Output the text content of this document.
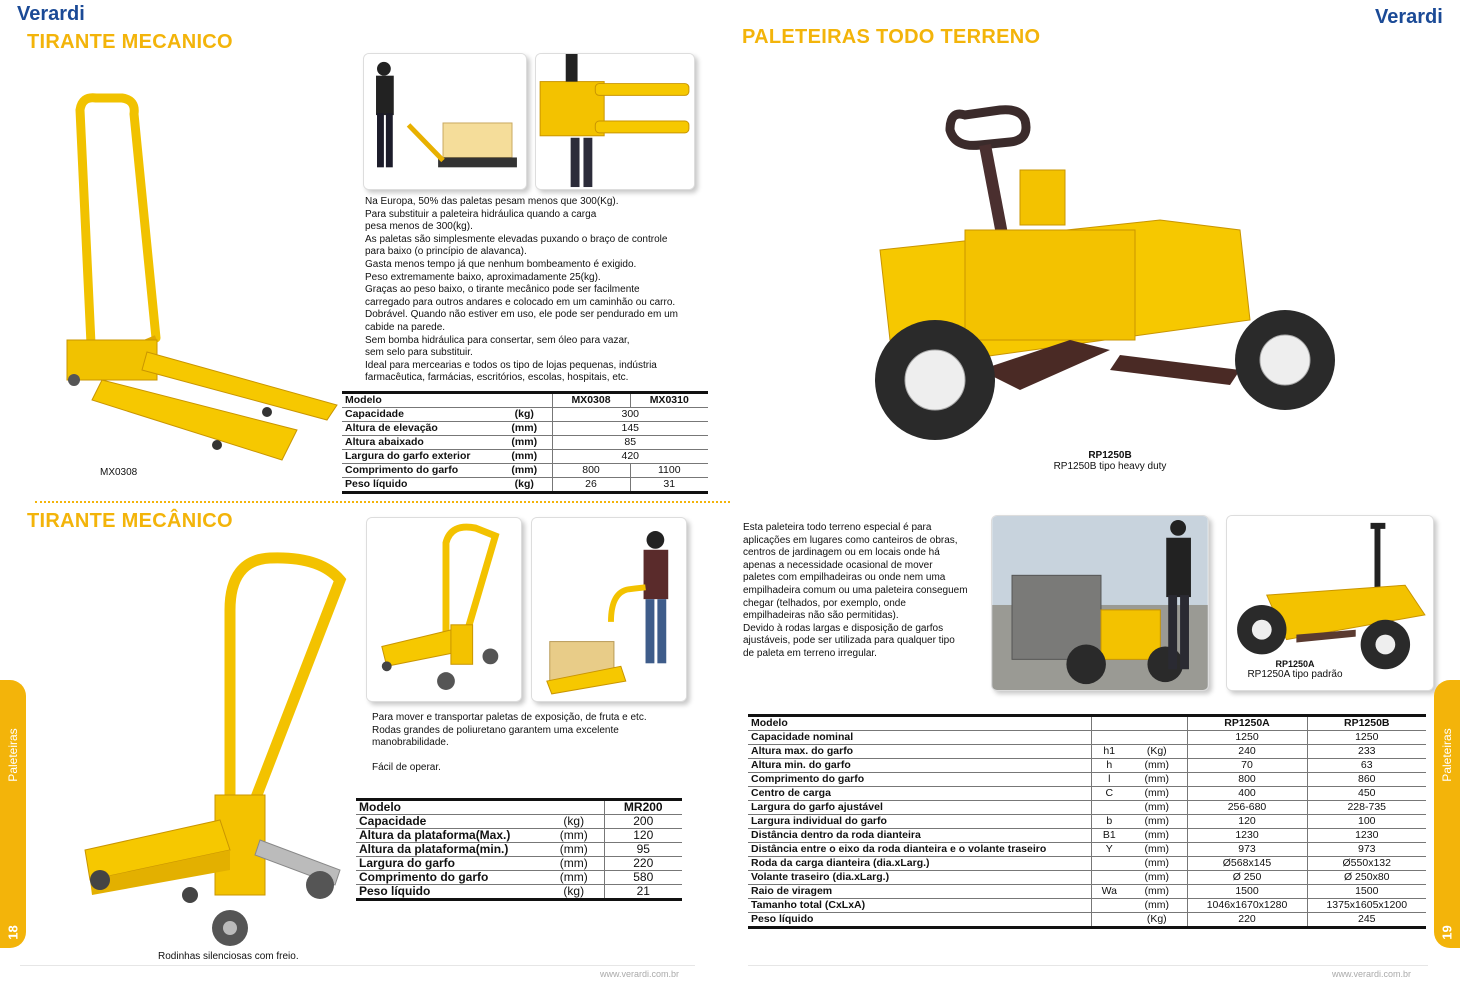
Verardi
TIRANTE MECANICO
MX0308
Na Europa, 50% das paletas pesam menos que 300(Kg).
Para substituir a paleteira hidráulica quando a carga
pesa menos de 300(kg).
As paletas são simplesmente elevadas puxando o braço de controle
para baixo (o princípio de alavanca).
Gasta menos tempo já que nenhum bombeamento é exigido.
Peso extremamente baixo, aproximadamente 25(kg).
Graças ao peso baixo, o tirante mecânico pode ser facilmente
carregado para outros andares e colocado em um caminhão ou carro.
Dobrável. Quando não estiver em uso, ele pode ser pendurado em um
cabide na parede.
Sem bomba hidráulica para consertar, sem óleo para vazar,
sem selo para substituir.
Ideal para mercearias e todos os tipo de lojas pequenas, indústria
farmacêutica, farmácias, escritórios, escolas, hospitais, etc.
Modelo		MX0308	MX0310
Capacidade	(kg)	300	
Altura de elevação	(mm)	145	
Altura abaixado	(mm)	85	
Largura do garfo exterior	(mm)	420	
Comprimento do garfo	(mm)	800	1100
Peso líquido	(kg)	26	31
TIRANTE MECÂNICO
Rodinhas silenciosas com freio.
Para mover e transportar paletas de exposição, de fruta e etc.
Rodas grandes de poliuretano garantem uma excelente
manobrabilidade.

Fácil de operar.
Modelo		MR200
Capacidade	(kg)	200
Altura da plataforma(Max.)	(mm)	120
Altura da plataforma(min.)	(mm)	95
Largura do garfo	(mm)	220
Comprimento do garfo	(mm)	580
Peso líquido	(kg)	21
Paleteiras
18
www.verardi.com.br
Verardi
PALETEIRAS TODO TERRENO
RP1250B
RP1250B tipo heavy duty
Esta paleteira todo terreno especial é para
aplicações em lugares como canteiros de obras,
centros de jardinagem ou em locais onde há
apenas a necessidade ocasional de mover
paletes com empilhadeiras ou onde nem uma
empilhadeira comum ou uma paleteira conseguem
chegar (telhados, por exemplo, onde
empilhadeiras não são permitidas).
Devido à rodas largas e disposição de garfos
ajustáveis, pode ser utilizada para qualquer tipo
de paleta em terreno irregular.
RP1250A
RP1250A tipo padrão
Modelo			RP1250A	RP1250B
Capacidade nominal			1250	1250
Altura max. do garfo	h1	(Kg)	240	233
Altura min. do garfo	h	(mm)	70	63
Comprimento do garfo	l	(mm)	800	860
Centro de carga	C	(mm)	400	450
Largura do garfo ajustável		(mm)	256-680	228-735
Largura individual do garfo	b	(mm)	120	100
Distância dentro da roda dianteira	B1	(mm)	1230	1230
Distância entre o eixo da roda dianteira e o volante traseiro	Y	(mm)	973	973
Roda da carga dianteira (dia.xLarg.)		(mm)	Ø568x145	Ø550x132
Volante traseiro (dia.xLarg.)		(mm)	Ø 250	Ø 250x80
Raio de viragem	Wa	(mm)	1500	1500
Tamanho total (CxLxA)		(mm)	1046x1670x1280	1375x1605x1200
Peso líquido		(Kg)	220	245
Paleteiras
19
www.verardi.com.br
